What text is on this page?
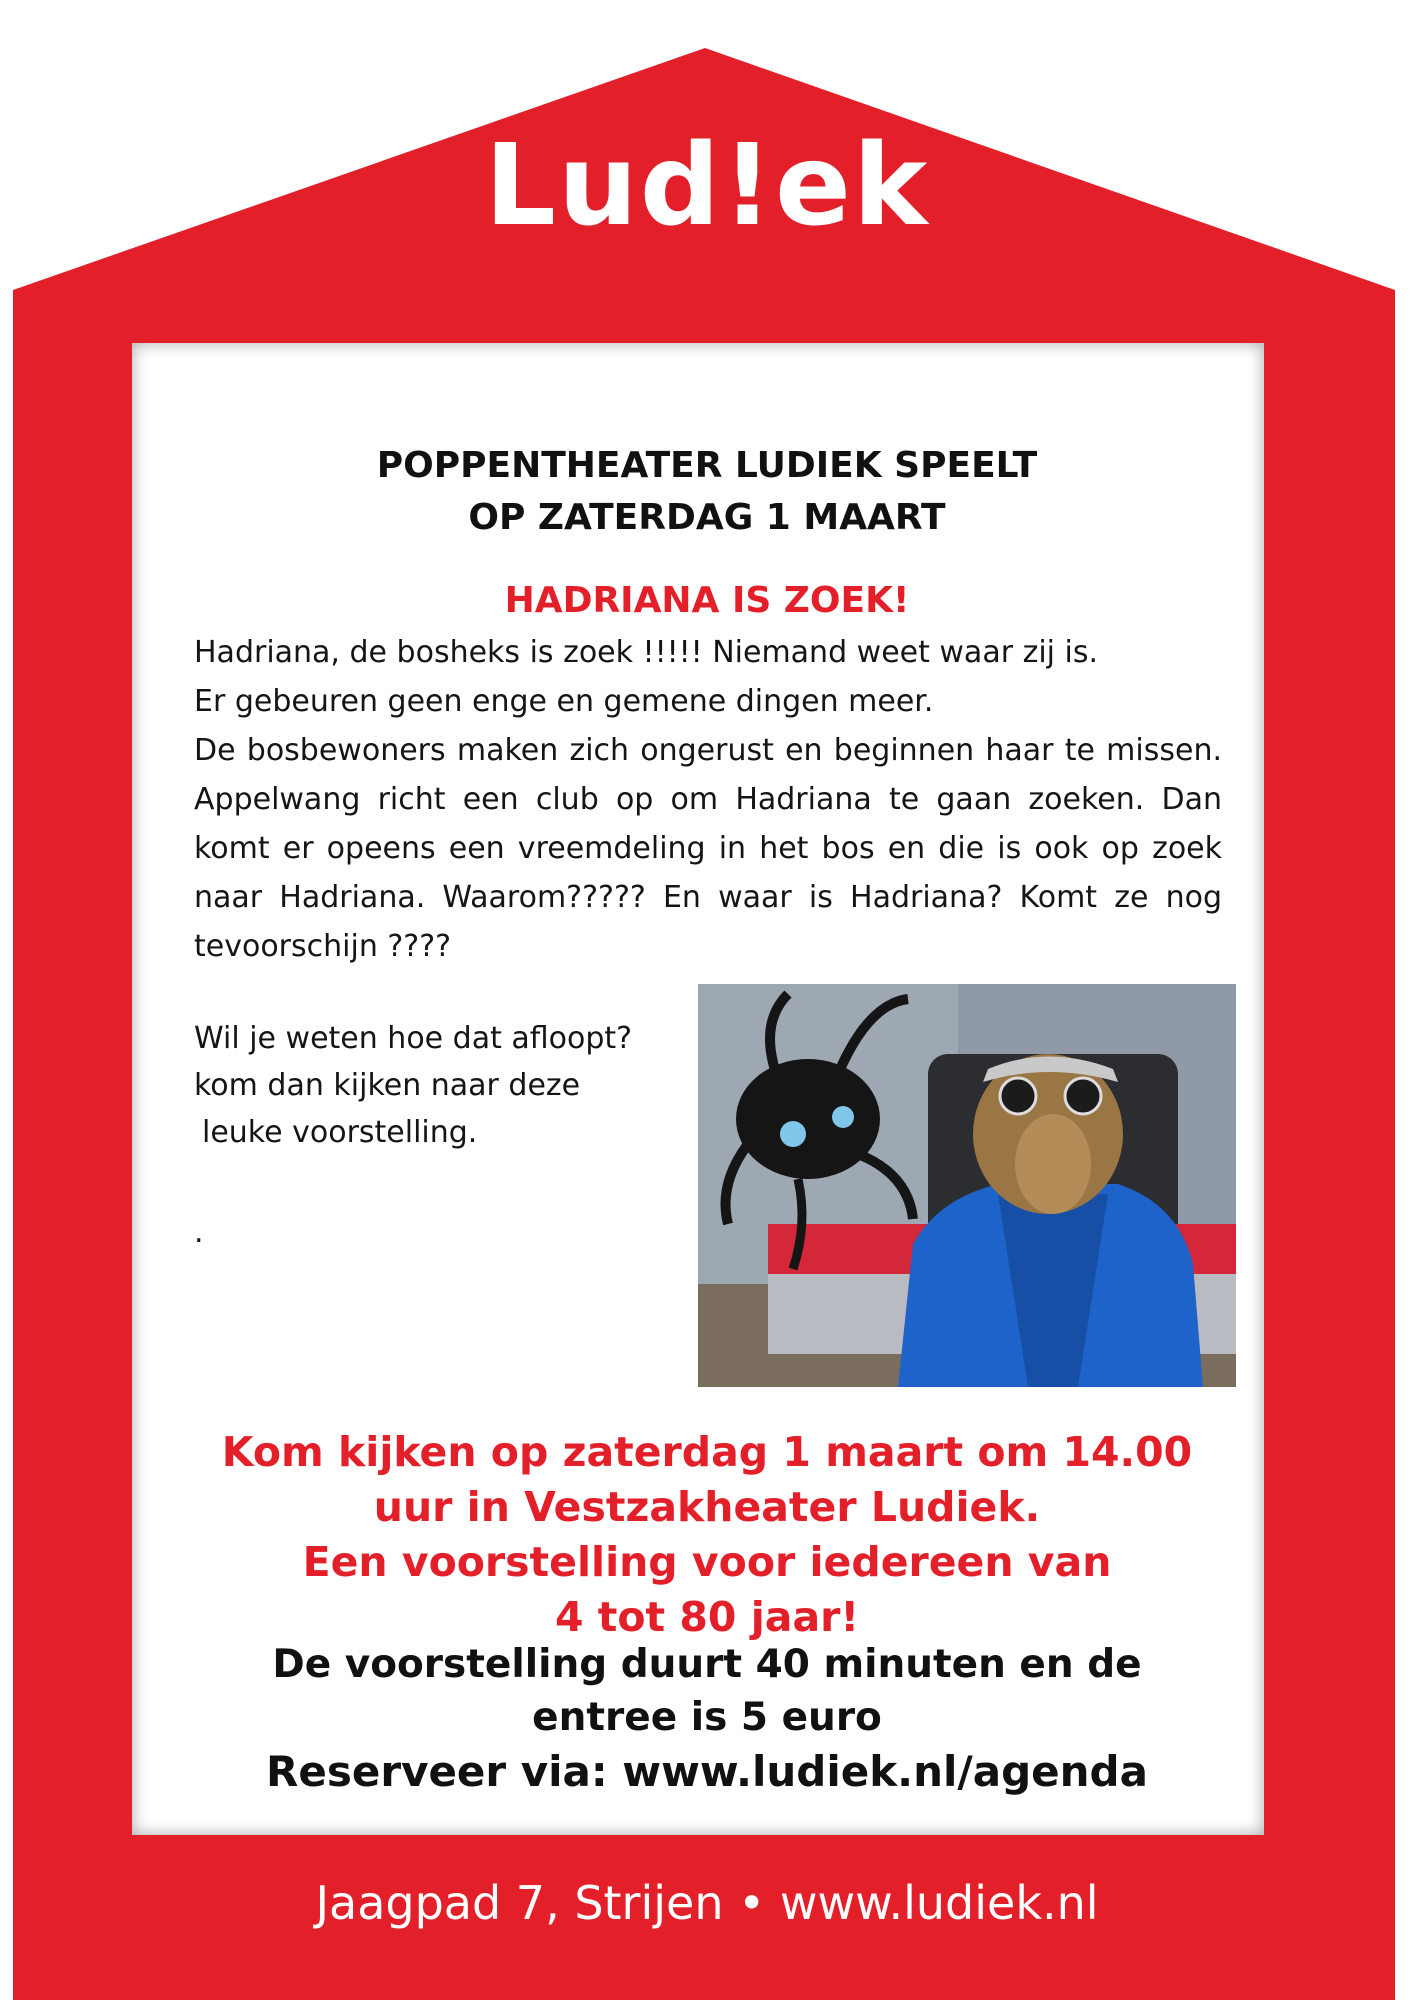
Lud!ek
POPPENTHEATER LUDIEK SPEELT
OP ZATERDAG 1 MAART
HADRIANA IS ZOEK!

Hadriana, de bosheks is zoek !!!!! Niemand weet waar zij is.

Er gebeuren geen enge en gemene dingen meer.

De bosbewoners maken zich ongerust en beginnen haar te missen. Appelwang richt een club op om Hadriana te gaan zoeken. Dan komt er opeens een vreemdeling in het bos en die is ook op zoek naar Hadriana. Waarom????? En waar is Hadriana? Komt ze nog tevoorschijn ????

Wil je weten hoe dat afloopt?

kom dan kijken naar deze

leuke voorstelling.

.
Kom kijken op zaterdag 1 maart om 14.00
uur in Vestzakheater Ludiek.
Een voorstelling voor iedereen van
4 tot 80 jaar!
De voorstelling duurt 40 minuten en de
entree is 5 euro
Reserveer via: www.ludiek.nl/agenda
Jaagpad 7, Strijen • www.ludiek.nl
